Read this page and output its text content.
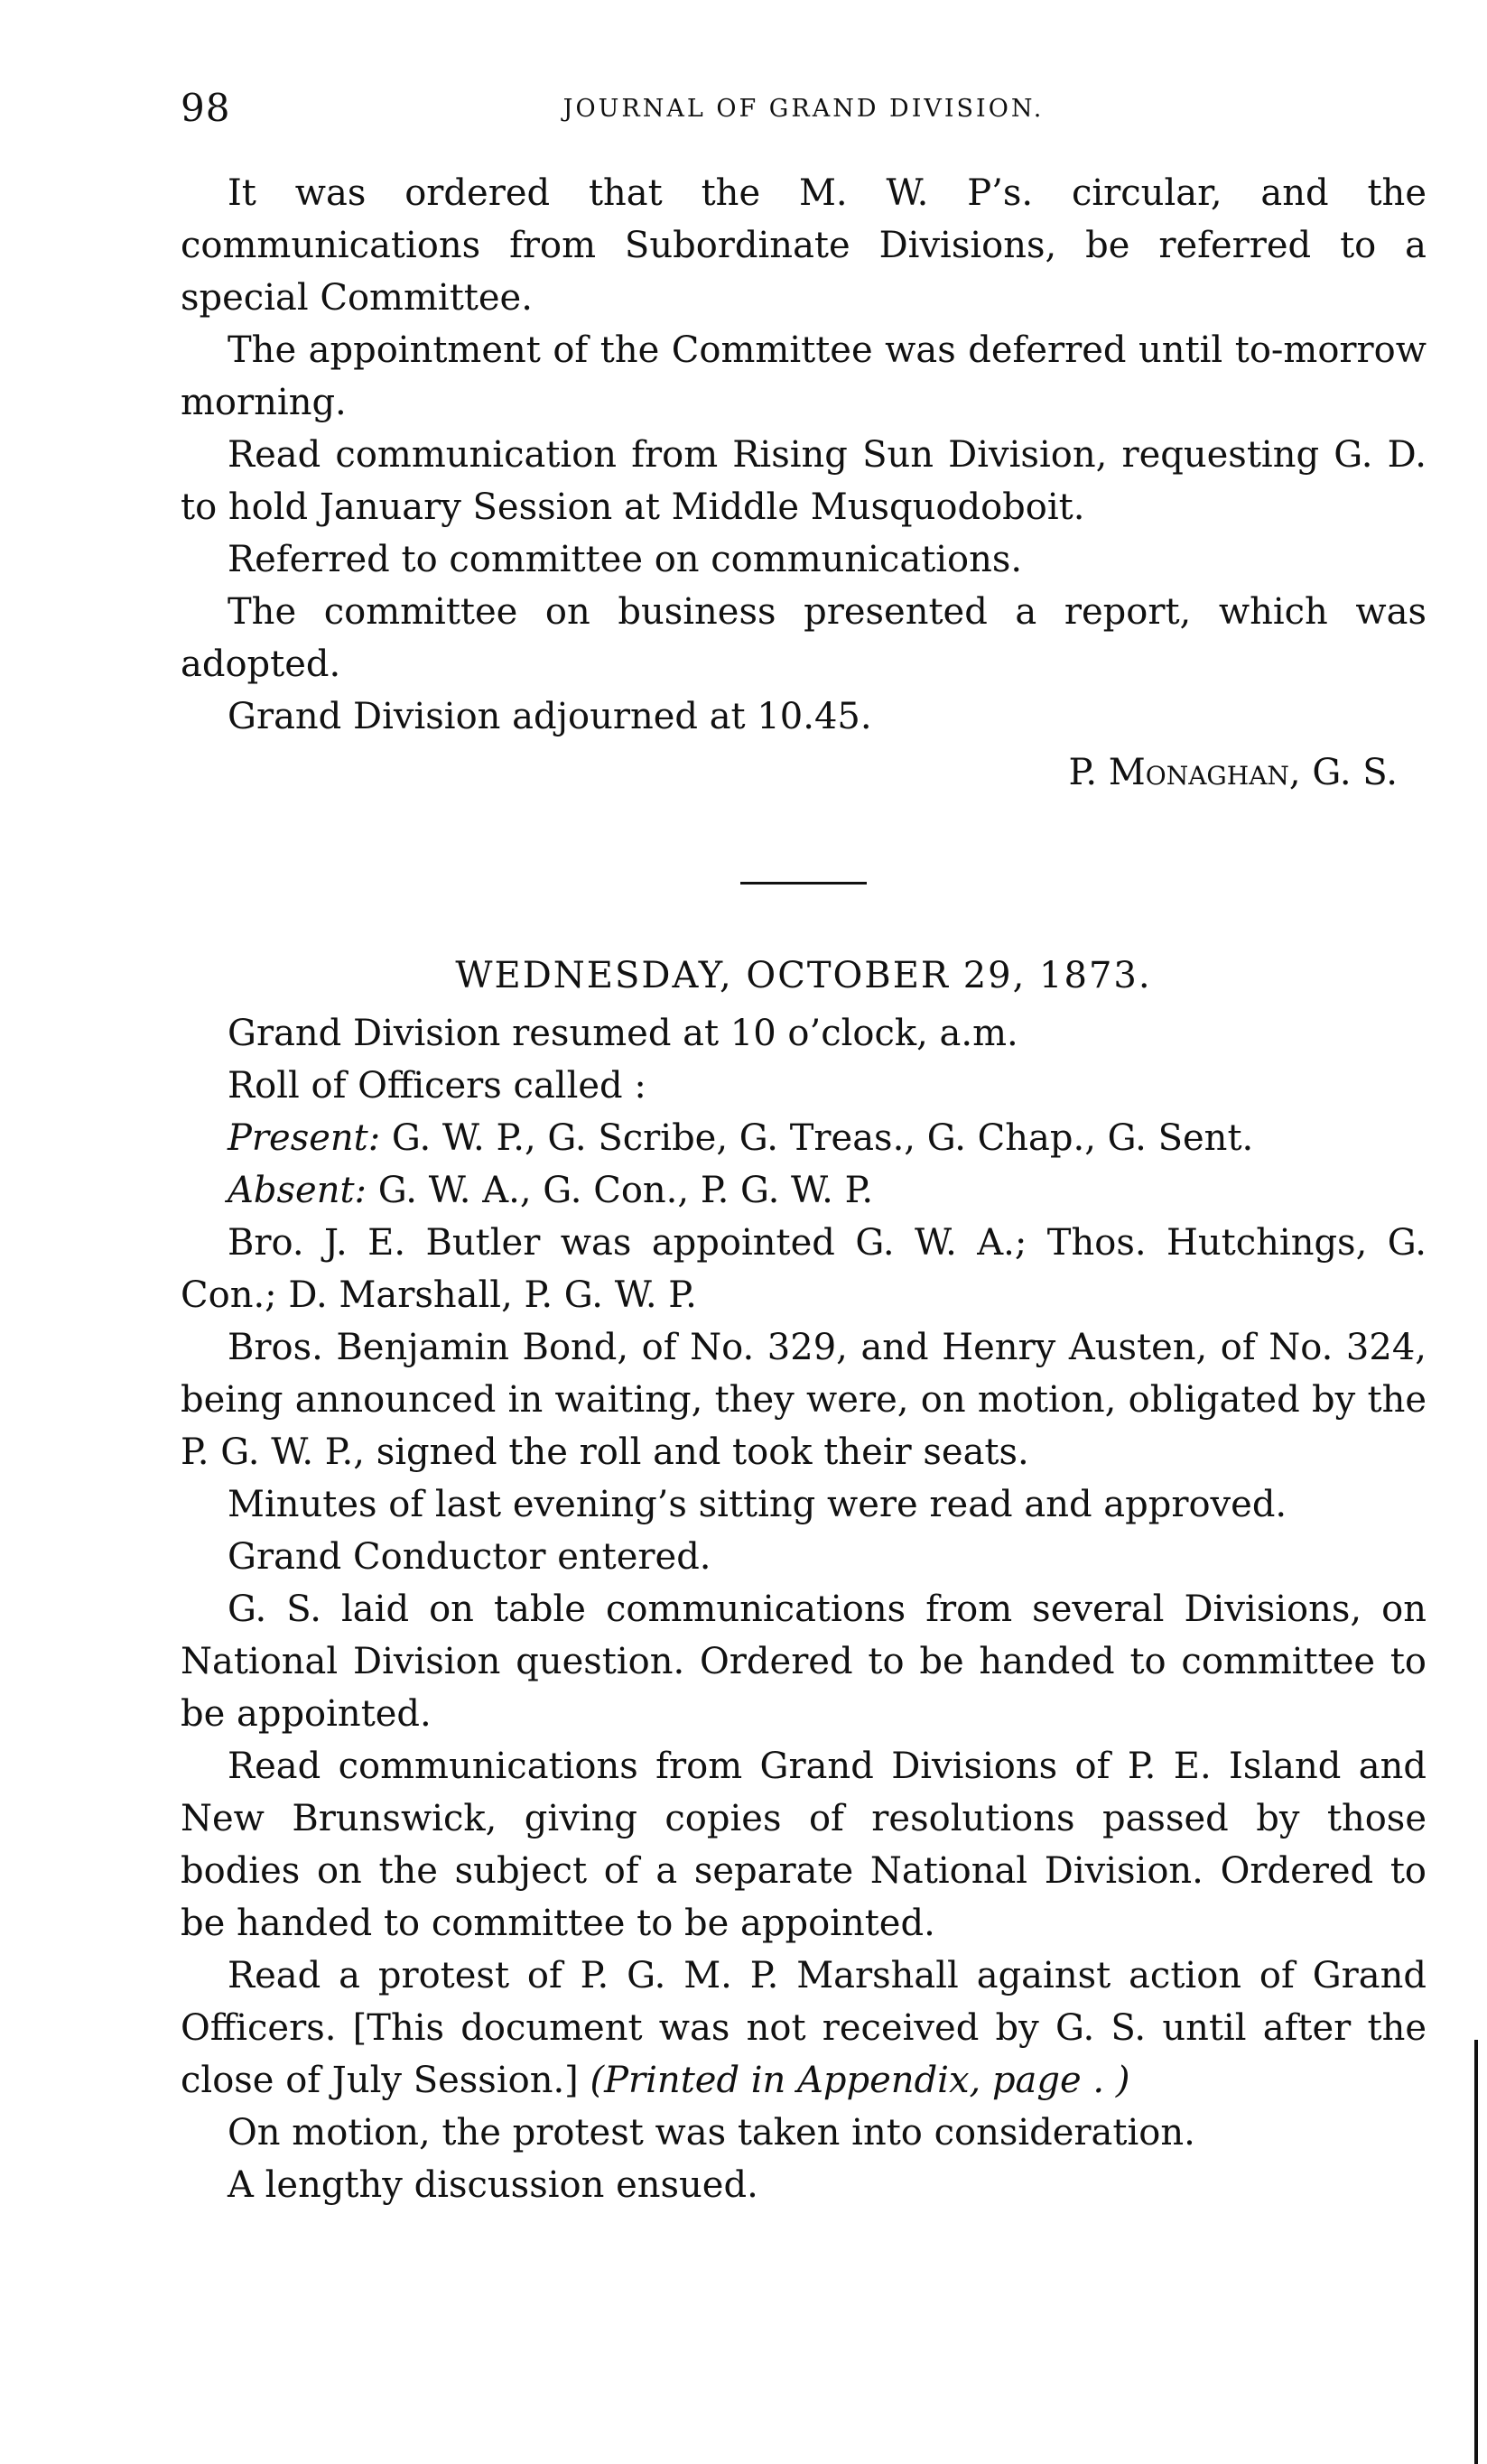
98	JOURNAL OF GRAND DIVISION.

It was ordered that the M. W. P’s. circular, and the communications from Subordinate Divisions, be referred to a special Committee.

The appointment of the Committee was deferred until to-morrow morning.

Read communication from Rising Sun Division, requesting G. D. to hold January Session at Middle Musquodoboit.

Referred to committee on communications.

The committee on business presented a report, which was adopted.

Grand Division adjourned at 10.45.

P. Monaghan, G. S.

WEDNESDAY, OCTOBER 29, 1873.

Grand Division resumed at 10 o’clock, a.m.

Roll of Officers called :

Present: G. W. P., G. Scribe, G. Treas., G. Chap., G. Sent.

Absent: G. W. A., G. Con., P. G. W. P.

Bro. J. E. Butler was appointed G. W. A.; Thos. Hutchings, G. Con.; D. Marshall, P. G. W. P.

Bros. Benjamin Bond, of No. 329, and Henry Austen, of No. 324, being announced in waiting, they were, on motion, obligated by the P. G. W. P., signed the roll and took their seats.

Minutes of last evening’s sitting were read and approved.

Grand Conductor entered.

G. S. laid on table communications from several Divisions, on National Division question. Ordered to be handed to committee to be appointed.

Read communications from Grand Divisions of P. E. Island and New Brunswick, giving copies of resolutions passed by those bodies on the subject of a separate National Division. Ordered to be handed to committee to be appointed.

Read a protest of P. G. M. P. Marshall against action of Grand Officers. [This document was not received by G. S. until after the close of July Session.] (Printed in Appendix, page . )

On motion, the protest was taken into consideration.

A lengthy discussion ensued.
